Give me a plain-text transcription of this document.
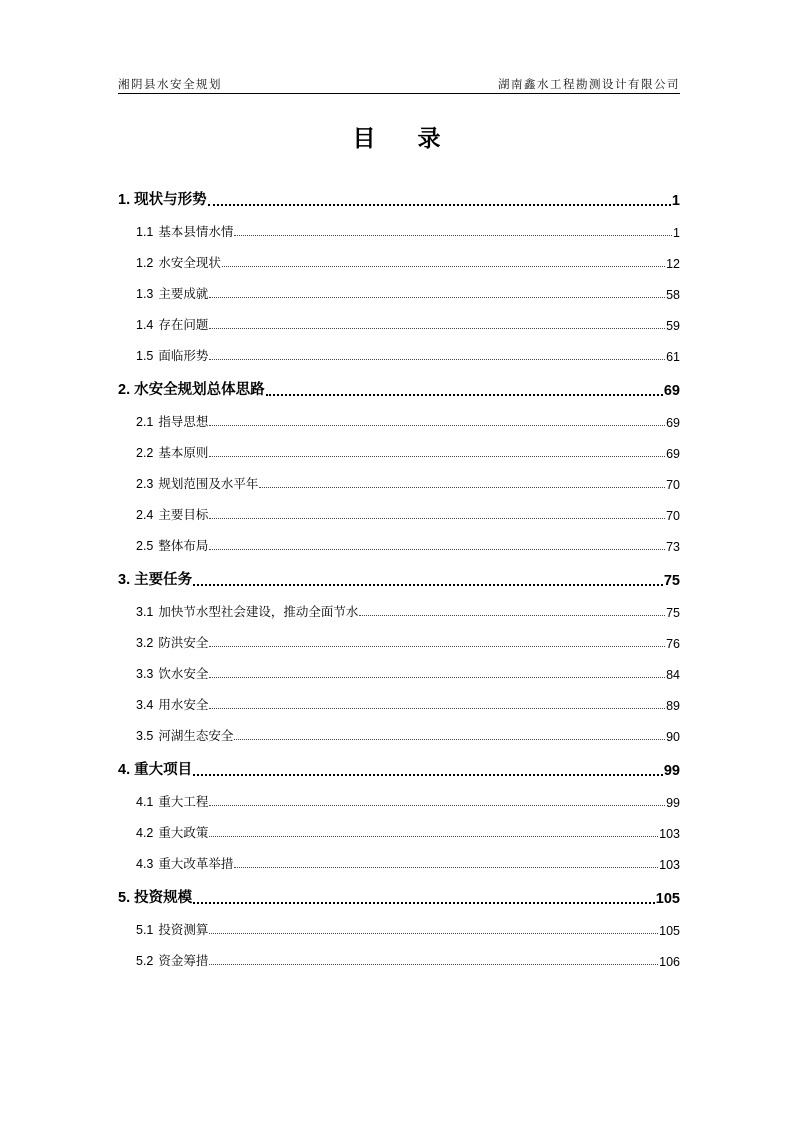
湘阴县水安全规划	湖南鑫水工程勘测设计有限公司
目录
1. 现状与形势	1
1.1 基本县情水情	1
1.2 水安全现状	12
1.3 主要成就	58
1.4 存在问题	59
1.5 面临形势	61
2. 水安全规划总体思路	69
2.1 指导思想	69
2.2 基本原则	69
2.3 规划范围及水平年	70
2.4 主要目标	70
2.5 整体布局	73
3. 主要任务	75
3.1 加快节水型社会建设，推动全面节水	75
3.2 防洪安全	76
3.3 饮水安全	84
3.4 用水安全	89
3.5 河湖生态安全	90
4. 重大项目	99
4.1 重大工程	99
4.2 重大政策	103
4.3 重大改革举措	103
5. 投资规模	105
5.1 投资测算	105
5.2 资金筹措	106
